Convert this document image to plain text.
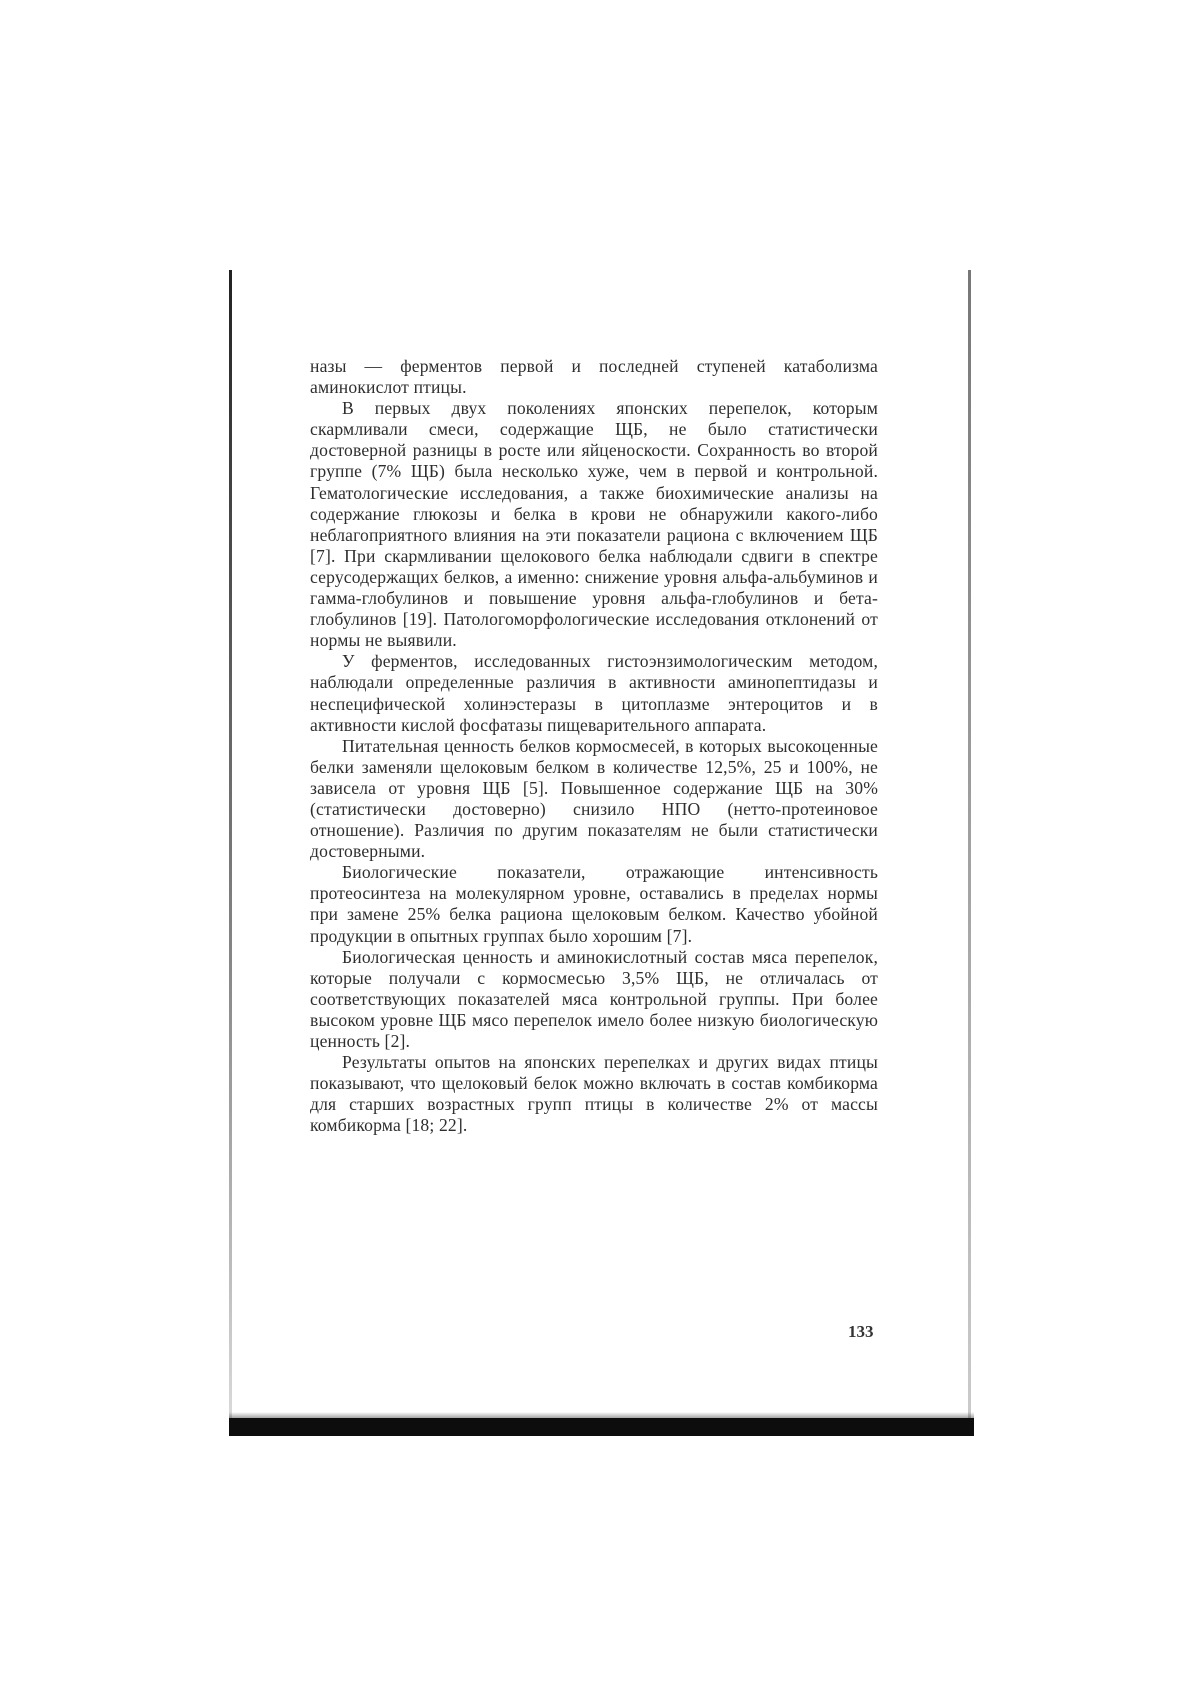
назы — ферментов первой и последней ступеней катаболизма аминокислот птицы.

В первых двух поколениях японских перепелок, которым скармливали смеси, содержащие ЩБ, не было статистически достоверной разницы в росте или яйценоскости. Сохранность во второй группе (7% ЩБ) была несколько хуже, чем в первой и контрольной. Гематологические исследования, а также биохимические анализы на содержание глюкозы и белка в крови не обнаружили какого-либо неблагоприятного влияния на эти показатели рациона с включением ЩБ [7]. При скармливании щелокового белка наблюдали сдвиги в спектре серусодержащих белков, а именно: снижение уровня альфа-альбуминов и гамма-глобулинов и повышение уровня альфа-глобулинов и бета-глобулинов [19]. Патологоморфологические исследования отклонений от нормы не выявили.

У ферментов, исследованных гистоэнзимологическим методом, наблюдали определенные различия в активности аминопептидазы и неспецифической холинэстеразы в цитоплазме энтероцитов и в активности кислой фосфатазы пищеварительного аппарата.

Питательная ценность белков кормосмесей, в которых высокоценные белки заменяли щелоковым белком в количестве 12,5%, 25 и 100%, не зависела от уровня ЩБ [5]. Повышенное содержание ЩБ на 30% (статистически достоверно) снизило НПО (нетто-протеиновое отношение). Различия по другим показателям не были статистически достоверными.

Биологические показатели, отражающие интенсивность протеосинтеза на молекулярном уровне, оставались в пределах нормы при замене 25% белка рациона щелоковым белком. Качество убойной продукции в опытных группах было хорошим [7].

Биологическая ценность и аминокислотный состав мяса перепелок, которые получали с кормосмесью 3,5% ЩБ, не отличалась от соответствующих показателей мяса контрольной группы. При более высоком уровне ЩБ мясо перепелок имело более низкую биологическую ценность [2].

Результаты опытов на японских перепелках и других видах птицы показывают, что щелоковый белок можно включать в состав комбикорма для старших возрастных групп птицы в количестве 2% от массы комбикорма [18; 22].

133
